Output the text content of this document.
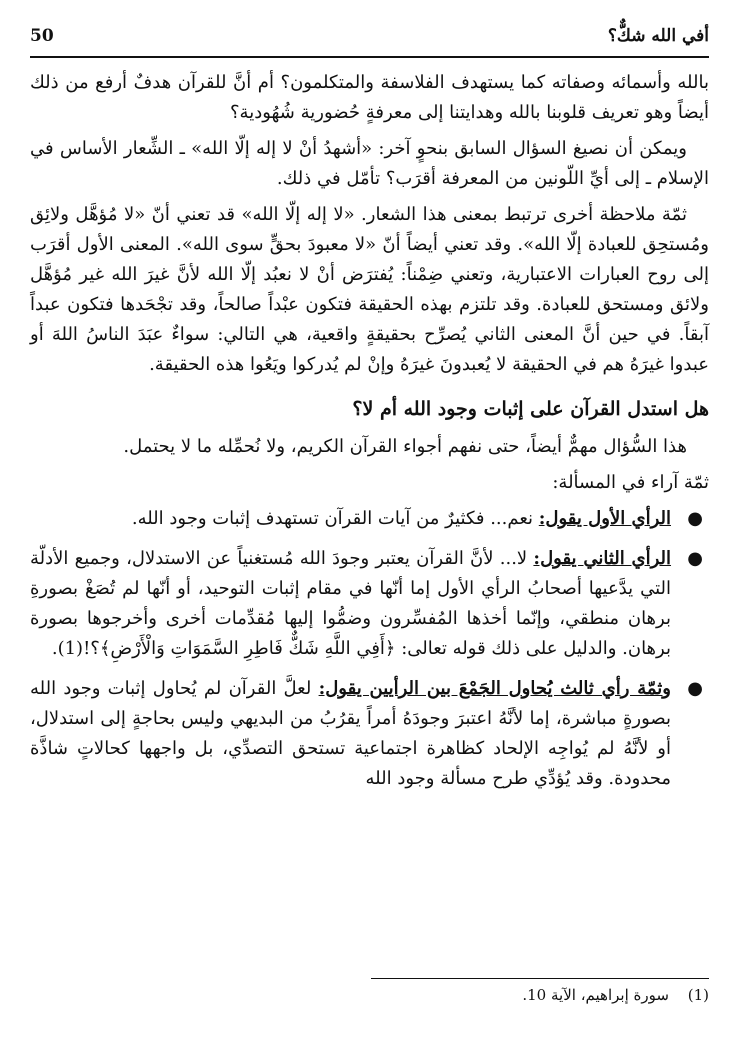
أفي الله شكٌّ؟
50

بالله وأسمائه وصفاته كما يستهدف الفلاسفة والمتكلمون؟ أم أنَّ للقرآن هدفٌ أرفع من ذلك أيضاً وهو تعريف قلوبنا بالله وهدايتنا إلى معرفةٍ حُضورية شُهُودية؟

ويمكن أن نصيغ السؤال السابق بنحوٍ آخر: «أشهدُ أنْ لا إله إلّا الله» ـ الشِّعار الأساس في الإسلام ـ إلى أيِّ اللّونين من المعرفة أقرَب؟ تأمّل في ذلك.

ثمّة ملاحظة أخرى ترتبط بمعنى هذا الشعار. «لا إله إلّا الله» قد تعني أنّ «لا مُؤهَّل ولائِق ومُستحِق للعبادة إلّا الله». وقد تعني أيضاً أنّ «لا معبودَ بحقٍّ سوى الله». المعنى الأول أقرَب إلى روح العبارات الاعتبارية، وتعني ضِمْناً: يُفترَض أنْ لا نعبُد إلّا الله لأنَّ غيرَ الله غير مُؤهَّل ولائق ومستحق للعبادة. وقد تلتزم بهذه الحقيقة فتكون عبْداً صالحاً، وقد تجْحَدها فتكون عبداً آبقاً. في حين أنَّ المعنى الثاني يُصرِّح بحقيقةٍ واقعية، هي التالي: سواءٌ عبَدَ الناسُ اللهَ أو عبدوا غيرَهُ هم في الحقيقة لا يُعبدونَ غيرَهُ وإنْ لم يُدركوا ويَعُوا هذه الحقيقة.

هل استدل القرآن على إثبات وجود الله أم لا؟

هذا السُّؤال مهمٌّ أيضاً، حتى نفهم أجواء القرآن الكريم، ولا نُحمِّله ما لا يحتمل.

ثمّة آراء في المسألة:

●
الرأي الأول يقول: نعم... فكثيرٌ من آيات القرآن تستهدف إثبات وجود الله.
●
الرأي الثاني يقول: لا... لأنَّ القرآن يعتبر وجودَ الله مُستغنياً عن الاستدلال، وجميع الأدلّة التي يدَّعيها أصحابُ الرأي الأول إما أنّها في مقام إثبات التوحيد، أو أنّها لم تُصَغْ بصورةِ برهان منطقي، وإنّما أخذها المُفسِّرون وضمُّوا إليها مُقدِّمات أخرى وأخرجوها بصورة برهان. والدليل على ذلك قوله تعالى: ﴿أَفِي اللَّهِ شَكٌّ فَاطِرِ السَّمَوَاتِ وَالْأَرْضِ﴾؟!(1).
●
وثمّة رأي ثالث يُحاول الجَمْعَ بين الرأيين يقول: لعلَّ القرآن لم يُحاول إثبات وجود الله بصورةٍ مباشرة، إما لأنَّهُ اعتبرَ وجودَهُ أمراً يقرُبُ من البديهي وليس بحاجةٍ إلى استدلال، أو لأنَّهُ لم يُواجِه الإلحاد كظاهرة اجتماعية تستحق التصدِّي، بل واجهها كحالاتٍ شاذَّة محدودة. وقد يُؤدِّي طرح مسألة وجود الله
(1) سورة إبراهيم، الآية 10.
